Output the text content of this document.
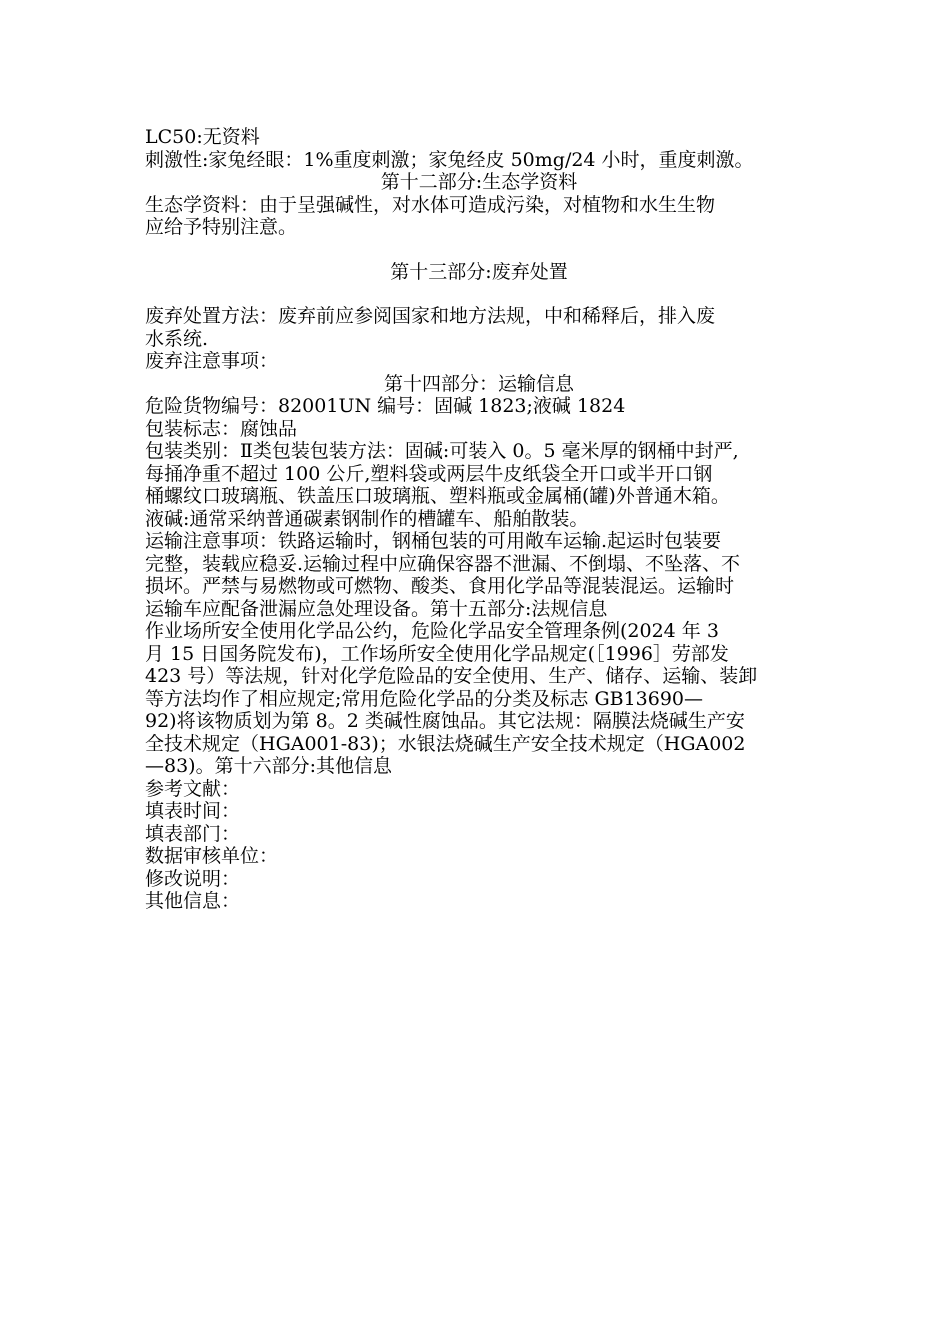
LC50:无资料
刺激性:家兔经眼：1%重度刺激；家兔经皮 50mg/24 小时，重度刺激。
第十二部分:生态学资料
生态学资料：由于呈强碱性，对水体可造成污染，对植物和水生生物
应给予特别注意。
第十三部分:废弃处置
废弃处置方法：废弃前应参阅国家和地方法规，中和稀释后，排入废
水系统.
废弃注意事项：
第十四部分：运输信息
危险货物编号：82001UN 编号：固碱 1823;液碱 1824
包装标志：腐蚀品
包装类别：Ⅱ类包装包装方法：固碱:可装入 0。5 毫米厚的钢桶中封严,
每捅净重不超过 100 公斤,塑料袋或两层牛皮纸袋全开口或半开口钢
桶螺纹口玻璃瓶、铁盖压口玻璃瓶、塑料瓶或金属桶(罐)外普通木箱。
液碱:通常采纳普通碳素钢制作的槽罐车、船舶散装。
运输注意事项：铁路运输时，钢桶包装的可用敞车运输.起运时包装要
完整，装载应稳妥.运输过程中应确保容器不泄漏、不倒塌、不坠落、不
损坏。严禁与易燃物或可燃物、酸类、食用化学品等混装混运。运输时
运输车应配备泄漏应急处理设备。第十五部分:法规信息
作业场所安全使用化学品公约，危险化学品安全管理条例(2024 年 3
月 15 日国务院发布)，工作场所安全使用化学品规定(［1996］劳部发
423 号）等法规，针对化学危险品的安全使用、生产、储存、运输、装卸
等方法均作了相应规定;常用危险化学品的分类及标志 GB13690—
92)将该物质划为第 8。2 类碱性腐蚀品。其它法规：隔膜法烧碱生产安
全技术规定（HGA001-83)；水银法烧碱生产安全技术规定（HGA002
—83)。第十六部分:其他信息
参考文献：
填表时间：
填表部门：
数据审核单位：
修改说明：
其他信息：
